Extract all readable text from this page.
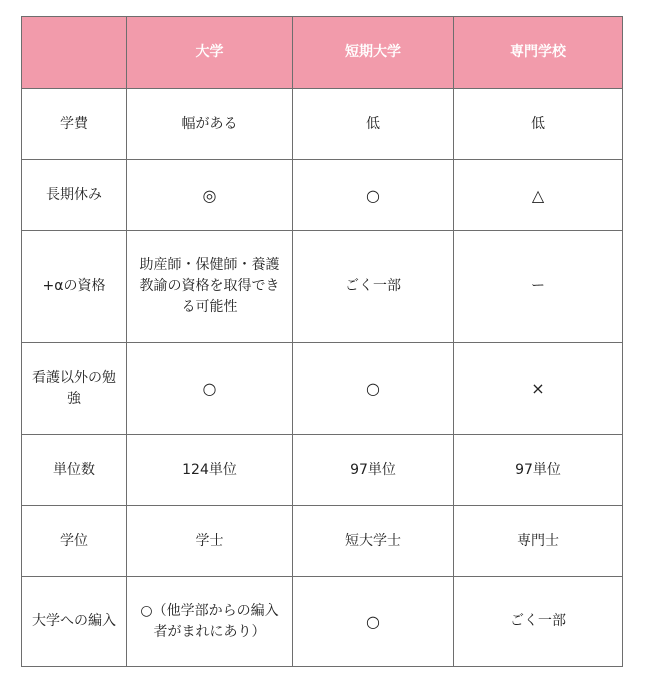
	大学	短期大学	専門学校
学費	幅がある	低	低
長期休み	◎	○	△
+αの資格	助産師・保健師・養護教諭の資格を取得できる可能性	ごく一部	ー
看護以外の勉強	○	○	×
単位数	124単位	97単位	97単位
学位	学士	短大学士	専門士
大学への編入	○（他学部からの編入者がまれにあり）	○	ごく一部
